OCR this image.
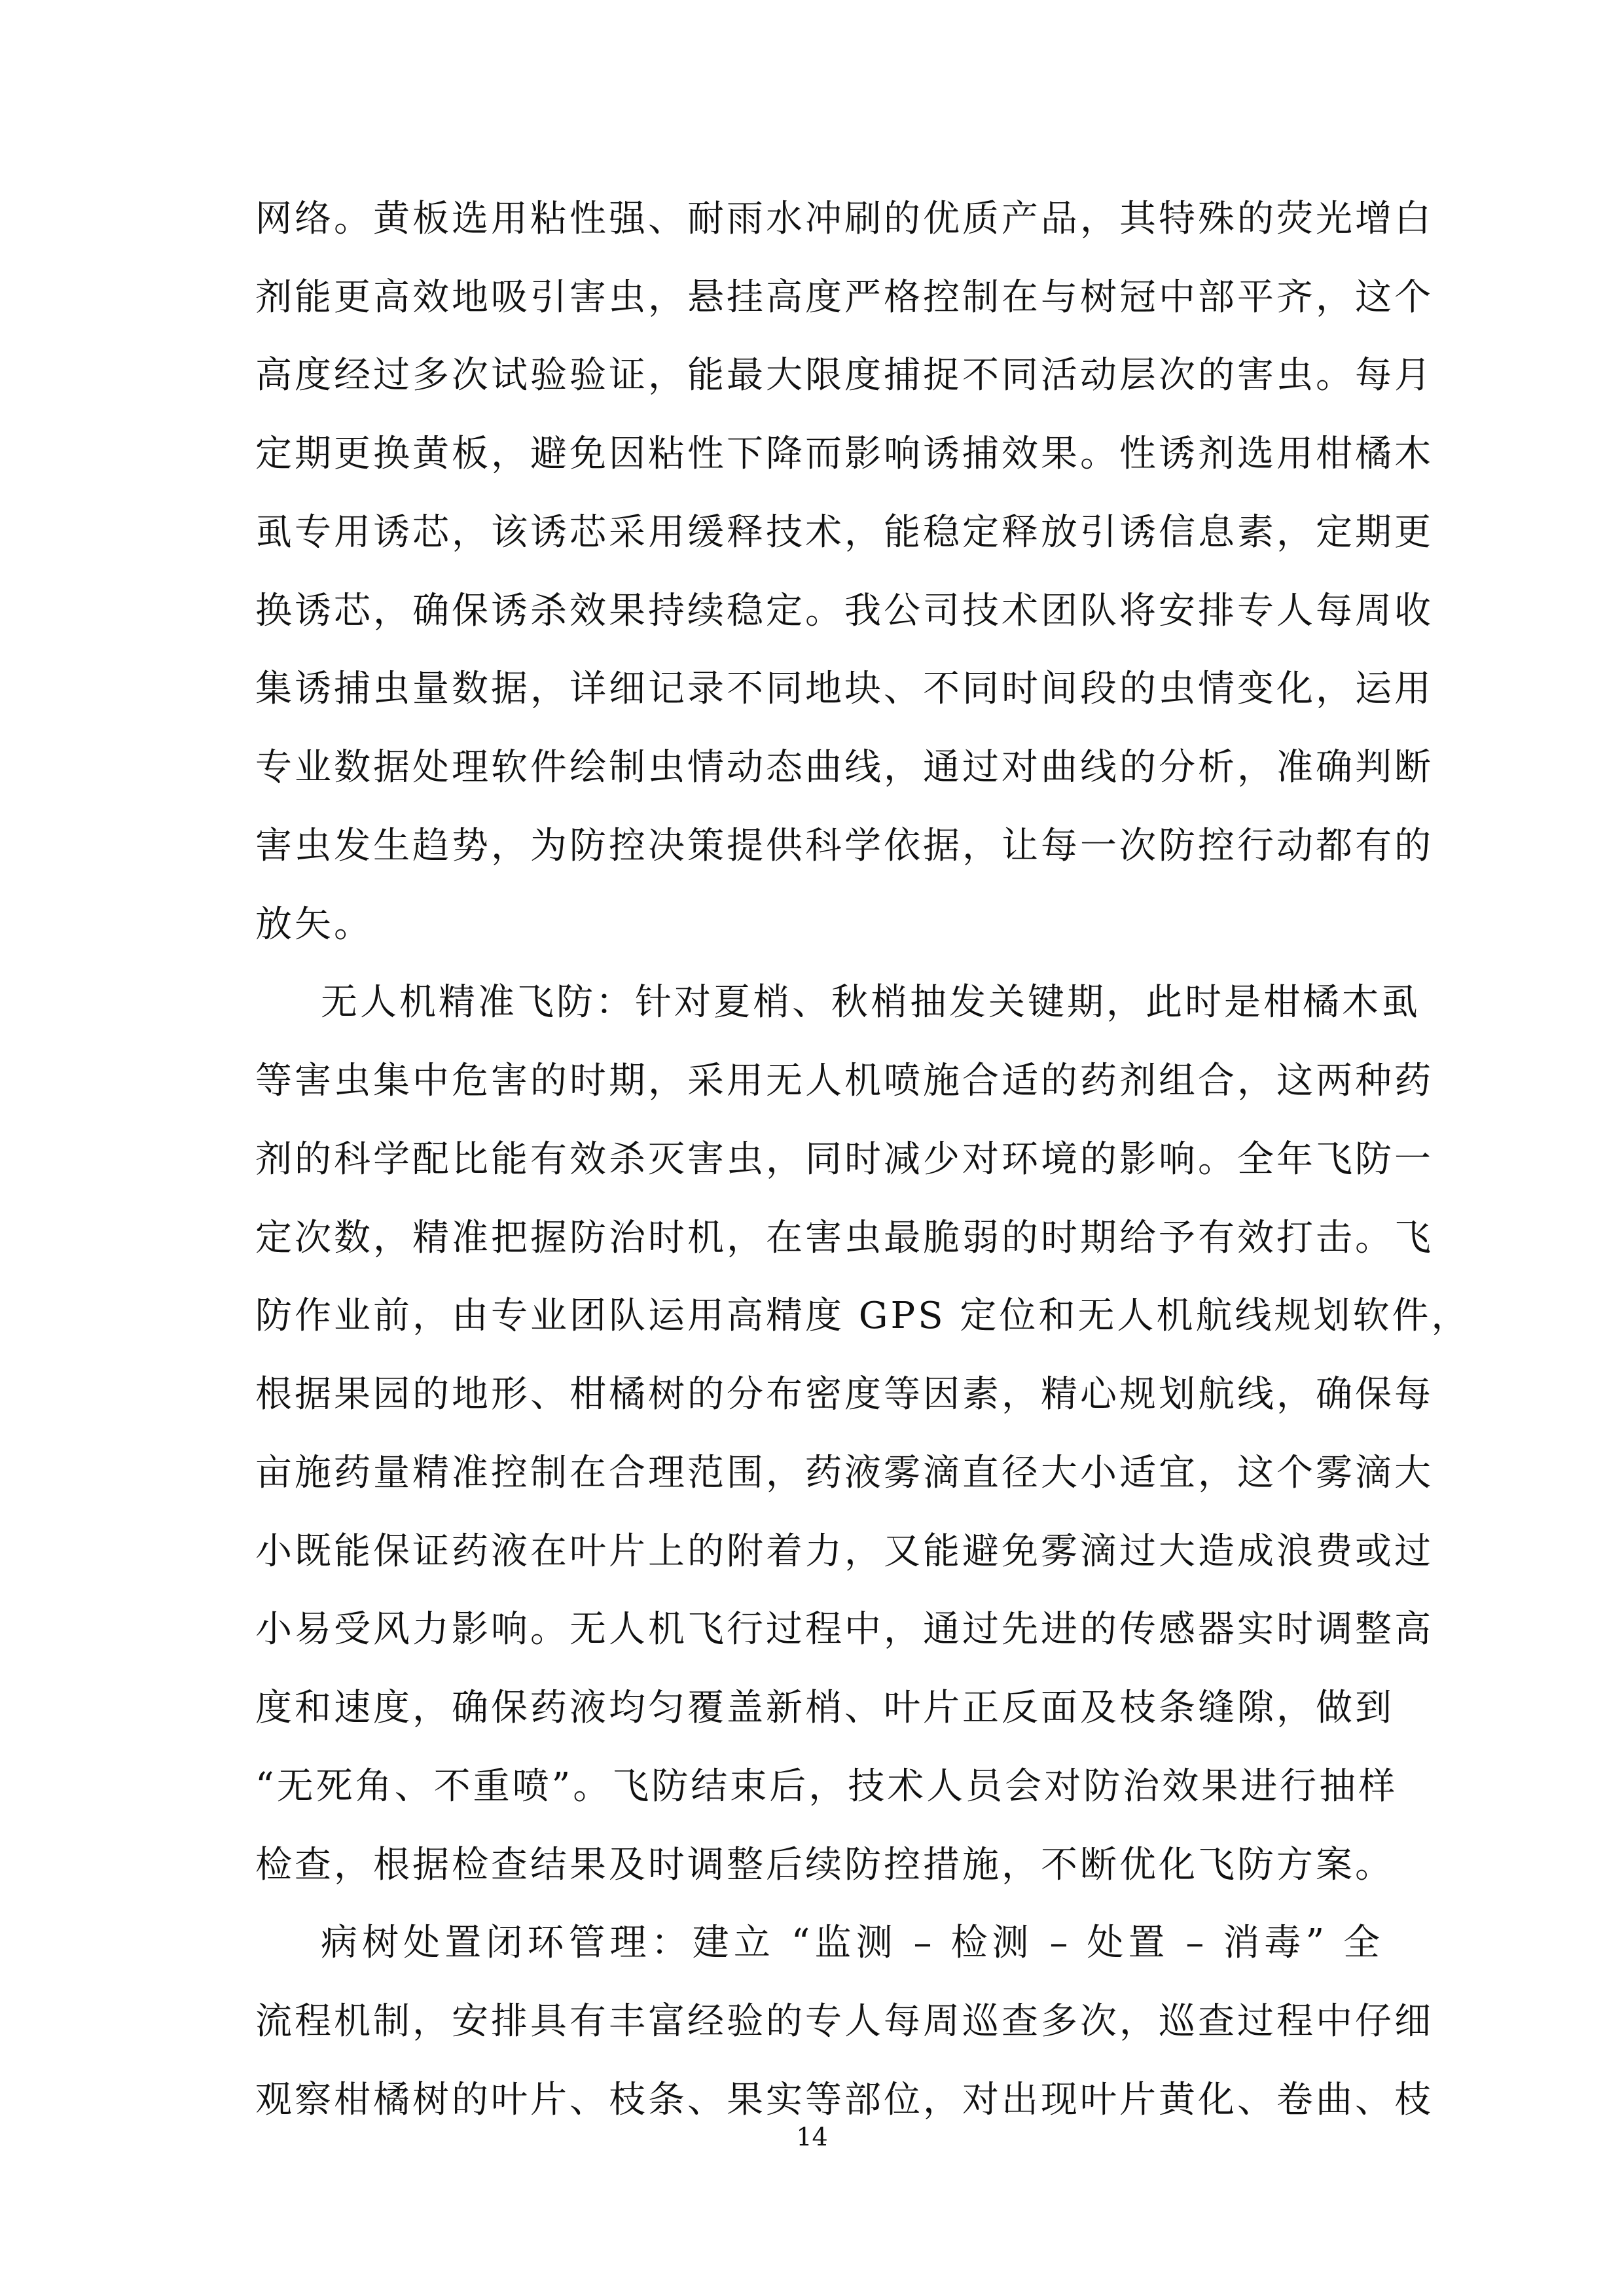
网络。黄板选用粘性强、耐雨水冲刷的优质产品，其特殊的荧光增白
剂能更高效地吸引害虫，悬挂高度严格控制在与树冠中部平齐，这个
高度经过多次试验验证，能最大限度捕捉不同活动层次的害虫。每月
定期更换黄板，避免因粘性下降而影响诱捕效果。性诱剂选用柑橘木
虱专用诱芯，该诱芯采用缓释技术，能稳定释放引诱信息素，定期更
换诱芯，确保诱杀效果持续稳定。我公司技术团队将安排专人每周收
集诱捕虫量数据，详细记录不同地块、不同时间段的虫情变化，运用
专业数据处理软件绘制虫情动态曲线，通过对曲线的分析，准确判断
害虫发生趋势，为防控决策提供科学依据，让每一次防控行动都有的
放矢。
无人机精准飞防：针对夏梢、秋梢抽发关键期，此时是柑橘木虱
等害虫集中危害的时期，采用无人机喷施合适的药剂组合，这两种药
剂的科学配比能有效杀灭害虫，同时减少对环境的影响。全年飞防一
定次数，精准把握防治时机，在害虫最脆弱的时期给予有效打击。飞
防作业前，由专业团队运用高精度 GPS 定位和无人机航线规划软件，
根据果园的地形、柑橘树的分布密度等因素，精心规划航线，确保每
亩施药量精准控制在合理范围，药液雾滴直径大小适宜，这个雾滴大
小既能保证药液在叶片上的附着力，又能避免雾滴过大造成浪费或过
小易受风力影响。无人机飞行过程中，通过先进的传感器实时调整高
度和速度，确保药液均匀覆盖新梢、叶片正反面及枝条缝隙，做到
“无死角、不重喷”。飞防结束后，技术人员会对防治效果进行抽样
检查，根据检查结果及时调整后续防控措施，不断优化飞防方案。
病树处置闭环管理：建立 “监测 – 检测 – 处置 – 消毒” 全
流程机制，安排具有丰富经验的专人每周巡查多次，巡查过程中仔细
观察柑橘树的叶片、枝条、果实等部位，对出现叶片黄化、卷曲、枝
14
